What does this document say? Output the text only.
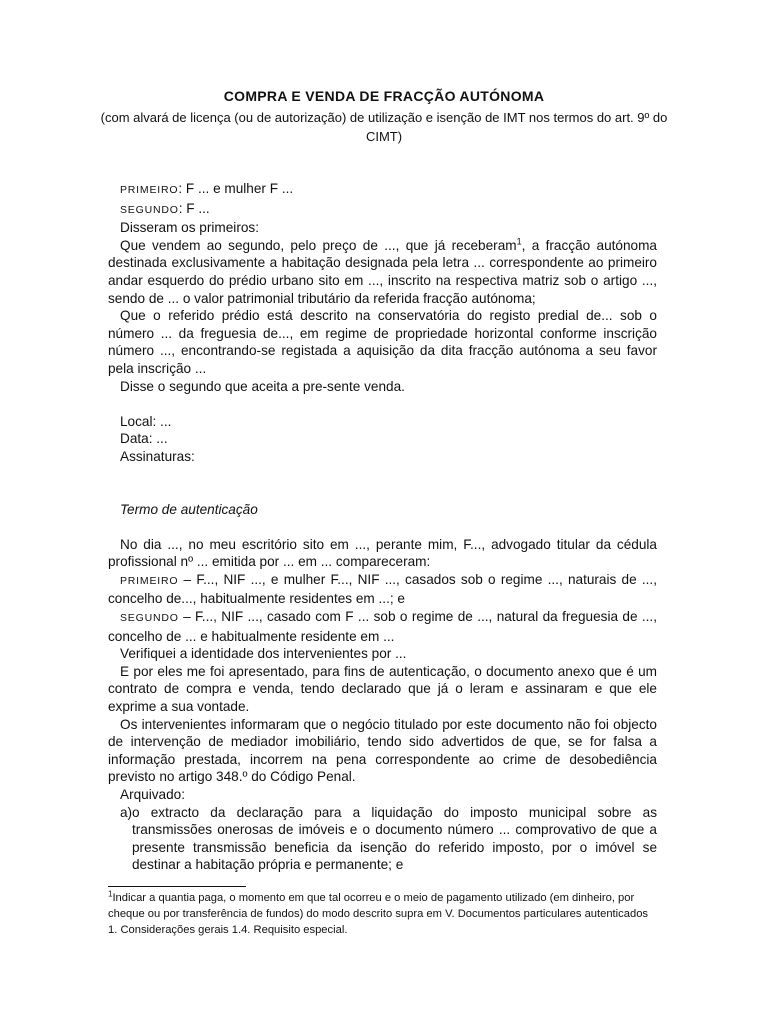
COMPRA E VENDA DE FRACÇÃO AUTÓNOMA
(com alvará de licença (ou de autorização) de utilização e isenção de IMT nos termos do art. 9º do CIMT)

PRIMEIRO: F ... e mulher F ...

SEGUNDO: F ...

Disseram os primeiros:

Que vendem ao segundo, pelo preço de ..., que já receberam$^1$, a fracção autónoma destinada exclusivamente a habitação designada pela letra ... correspondente ao primeiro andar esquerdo do prédio urbano sito em ..., inscrito na respectiva matriz sob o artigo ..., sendo de ... o valor patrimonial tributário da referida fracção autónoma;

Que o referido prédio está descrito na conservatória do registo predial de... sob o número ... da freguesia de..., em regime de propriedade horizontal conforme inscrição número ..., encontrando-se registada a aquisição da dita fracção autónoma a seu favor pela inscrição ...

Disse o segundo que aceita a pre-sente venda.

Local: ...

Data: ...

Assinaturas:

Termo de autenticação

No dia ..., no meu escritório sito em ..., perante mim, F..., advogado titular da cédula profissional nº ... emitida por ... em ... compareceram:

PRIMEIRO – F..., NIF ..., e mulher F..., NIF ..., casados sob o regime ..., naturais de ..., concelho de..., habitualmente residentes em ...; e

SEGUNDO – F..., NIF ..., casado com F ... sob o regime de ..., natural da freguesia de ..., concelho de ... e habitualmente residente em ...

Verifiquei a identidade dos intervenientes por ...

E por eles me foi apresentado, para fins de autenticação, o documento anexo que é um contrato de compra e venda, tendo declarado que já o leram e assinaram e que ele exprime a sua vontade.

Os intervenientes informaram que o negócio titulado por este documento não foi objecto de intervenção de mediador imobiliário, tendo sido advertidos de que, se for falsa a informação prestada, incorrem na pena correspondente ao crime de desobediência previsto no artigo 348.º do Código Penal.

Arquivado:

a) o extracto da declaração para a liquidação do imposto municipal sobre as transmissões onerosas de imóveis e o documento número ... comprovativo de que a presente transmissão beneficia da isenção do referido imposto, por o imóvel se destinar a habitação própria e permanente; e
$^1$Indicar a quantia paga, o momento em que tal ocorreu e o meio de pagamento utilizado (em dinheiro, por cheque ou por transferência de fundos) do modo descrito supra em V. Documentos particulares autenticados 1. Considerações gerais 1.4. Requisito especial.
